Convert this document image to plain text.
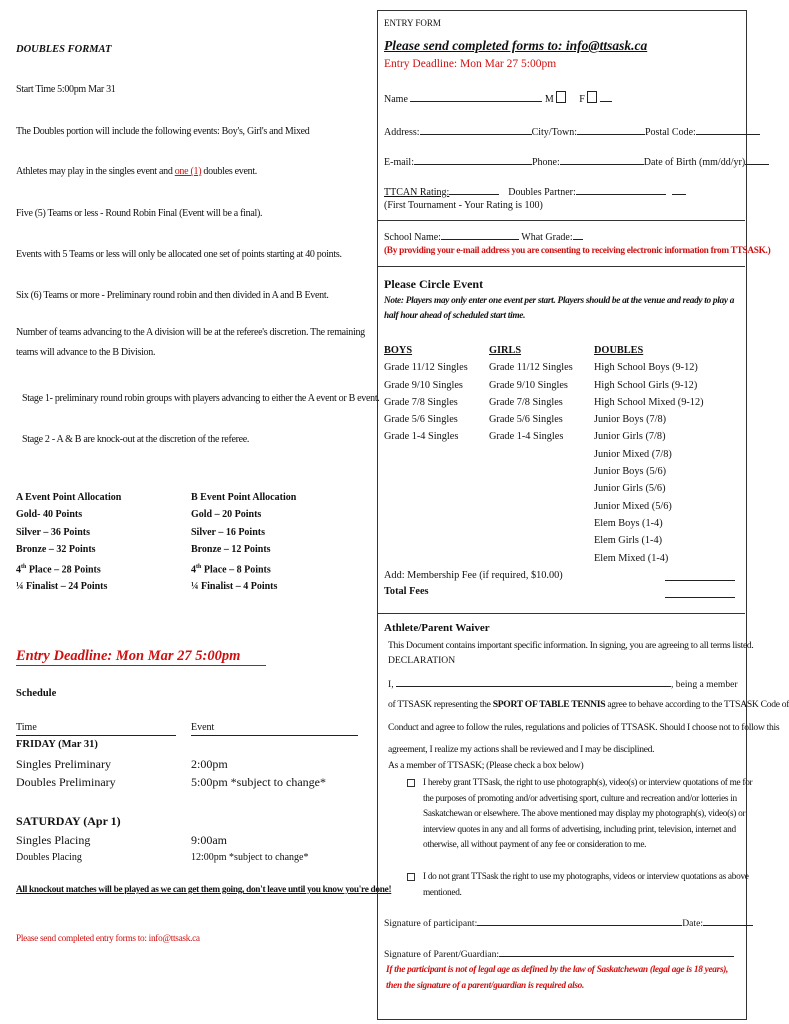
DOUBLES FORMAT
Start Time 5:00pm Mar 31
The Doubles portion will include the following events: Boy's, Girl's and Mixed
Athletes may play in the singles event and one (1) doubles event.
Five (5) Teams or less - Round Robin Final (Event will be a final).
Events with 5 Teams or less will only be allocated one set of points starting at 40 points.
Six (6) Teams or more - Preliminary round robin and then divided in A and B Event.
Number of teams advancing to the A division will be at the referee's discretion. The remaining
teams will advance to the B Division.
Stage 1- preliminary round robin groups with players advancing to either the A event or B event.
Stage 2 - A & B are knock-out at the discretion of the referee.
A Event Point Allocation
Gold- 40 Points
Silver – 36 Points
Bronze – 32 Points
4th Place – 28 Points
¼ Finalist – 24 Points
B Event Point Allocation
Gold – 20 Points
Silver – 16 Points
Bronze – 12 Points
4th Place – 8 Points
¼ Finalist – 4 Points
Entry Deadline: Mon Mar 27 5:00pm
Schedule
Time	Event
FRIDAY (Mar 31)
Singles Preliminary	2:00pm
Doubles Preliminary	5:00pm *subject to change*
SATURDAY (Apr 1)
Singles Placing	9:00am
Doubles Placing	12:00pm *subject to change*
All knockout matches will be played as we can get them going, don't leave until you know you're done!
Please send completed entry forms to: info@ttsask.ca
ENTRY FORM
Please send completed forms to: info@ttsask.ca
Entry Deadline: Mon Mar 27 5:00pm
Name	M	F
Address:	City/Town:	Postal Code:
E-mail:	Phone:	Date of Birth (mm/dd/yr)
TTCAN Rating:	Doubles Partner:
(First Tournament - Your Rating is 100)
School Name:	What Grade:
(By providing your e-mail address you are consenting to receiving electronic information from TTSASK.)
Please Circle Event
Note: Players may only enter one event per start. Players should be at the venue and ready to play a half hour ahead of scheduled start time.
BOYS
Grade 11/12 Singles
Grade 9/10 Singles
Grade 7/8 Singles
Grade 5/6 Singles
Grade 1-4 Singles
GIRLS
Grade 11/12 Singles
Grade 9/10 Singles
Grade 7/8 Singles
Grade 5/6 Singles
Grade 1-4 Singles
DOUBLES
High School Boys (9-12)
High School Girls (9-12)
High School Mixed (9-12)
Junior Boys (7/8)
Junior Girls (7/8)
Junior Mixed (7/8)
Junior Boys (5/6)
Junior Girls (5/6)
Junior Mixed (5/6)
Elem Boys (1-4)
Elem Girls (1-4)
Elem Mixed (1-4)
Add: Membership Fee (if required, $10.00)
Total Fees
Athlete/Parent Waiver
This Document contains important specific information. In signing, you are agreeing to all terms listed.
DECLARATION
I,	, being a member
of TTSASK representing the SPORT OF TABLE TENNIS agree to behave according to the TTSASK Code of
Conduct and agree to follow the rules, regulations and policies of TTSASK. Should I choose not to follow this
agreement, I realize my actions shall be reviewed and I may be disciplined.
As a member of TTSASK; (Please check a box below)
I hereby grant TTSask, the right to use photograph(s), video(s) or interview quotations of me for
the purposes of promoting and/or advertising sport, culture and recreation and/or lotteries in
Saskatchewan or elsewhere. The above mentioned may display my photograph(s), video(s) or
interview quotes in any and all forms of advertising, including print, television, internet and
otherwise, all without payment of any fee or consideration to me.
I do not grant TTSask the right to use my photographs, videos or interview quotations as above
mentioned.
Signature of participant:	Date:
Signature of Parent/Guardian:
If the participant is not of legal age as defined by the law of Saskatchewan (legal age is 18 years), then the signature of a parent/guardian is required also.
